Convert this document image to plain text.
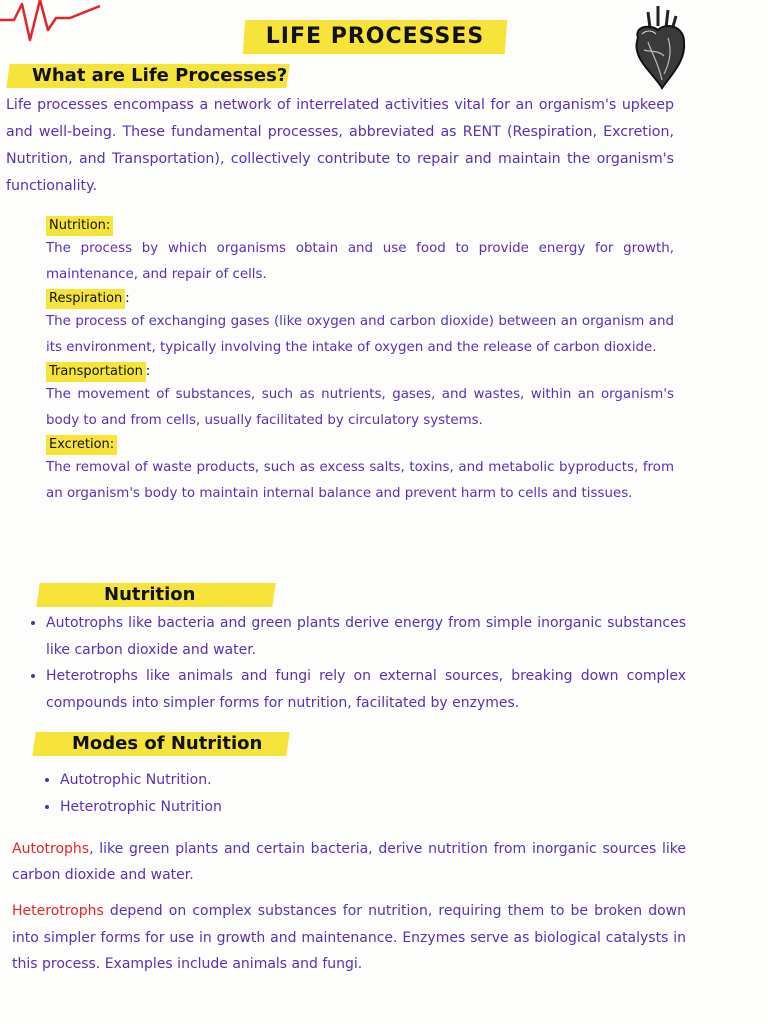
LIFE PROCESSES
What are Life Processes?
Life processes encompass a network of interrelated activities vital for an organism's upkeep and well-being. These fundamental processes, abbreviated as RENT (Respiration, Excretion, Nutrition, and Transportation), collectively contribute to repair and maintain the organism's functionality.
Nutrition:
The process by which organisms obtain and use food to provide energy for growth, maintenance, and repair of cells.
Respiration :
The process of exchanging gases (like oxygen and carbon dioxide) between an organism and its environment, typically involving the intake of oxygen and the release of carbon dioxide.
Transportation :
The movement of substances, such as nutrients, gases, and wastes, within an organism's body to and from cells, usually facilitated by circulatory systems.
Excretion:
The removal of waste products, such as excess salts, toxins, and metabolic byproducts, from an organism's body to maintain internal balance and prevent harm to cells and tissues.
Nutrition
• Autotrophs like bacteria and green plants derive energy from simple inorganic substances like carbon dioxide and water.
• Heterotrophs like animals and fungi rely on external sources, breaking down complex compounds into simpler forms for nutrition, facilitated by enzymes.
Modes of Nutrition
• Autotrophic Nutrition.
• Heterotrophic Nutrition
Autotrophs, like green plants and certain bacteria, derive nutrition from inorganic sources like carbon dioxide and water.
Heterotrophs depend on complex substances for nutrition, requiring them to be broken down into simpler forms for use in growth and maintenance. Enzymes serve as biological catalysts in this process. Examples include animals and fungi.
